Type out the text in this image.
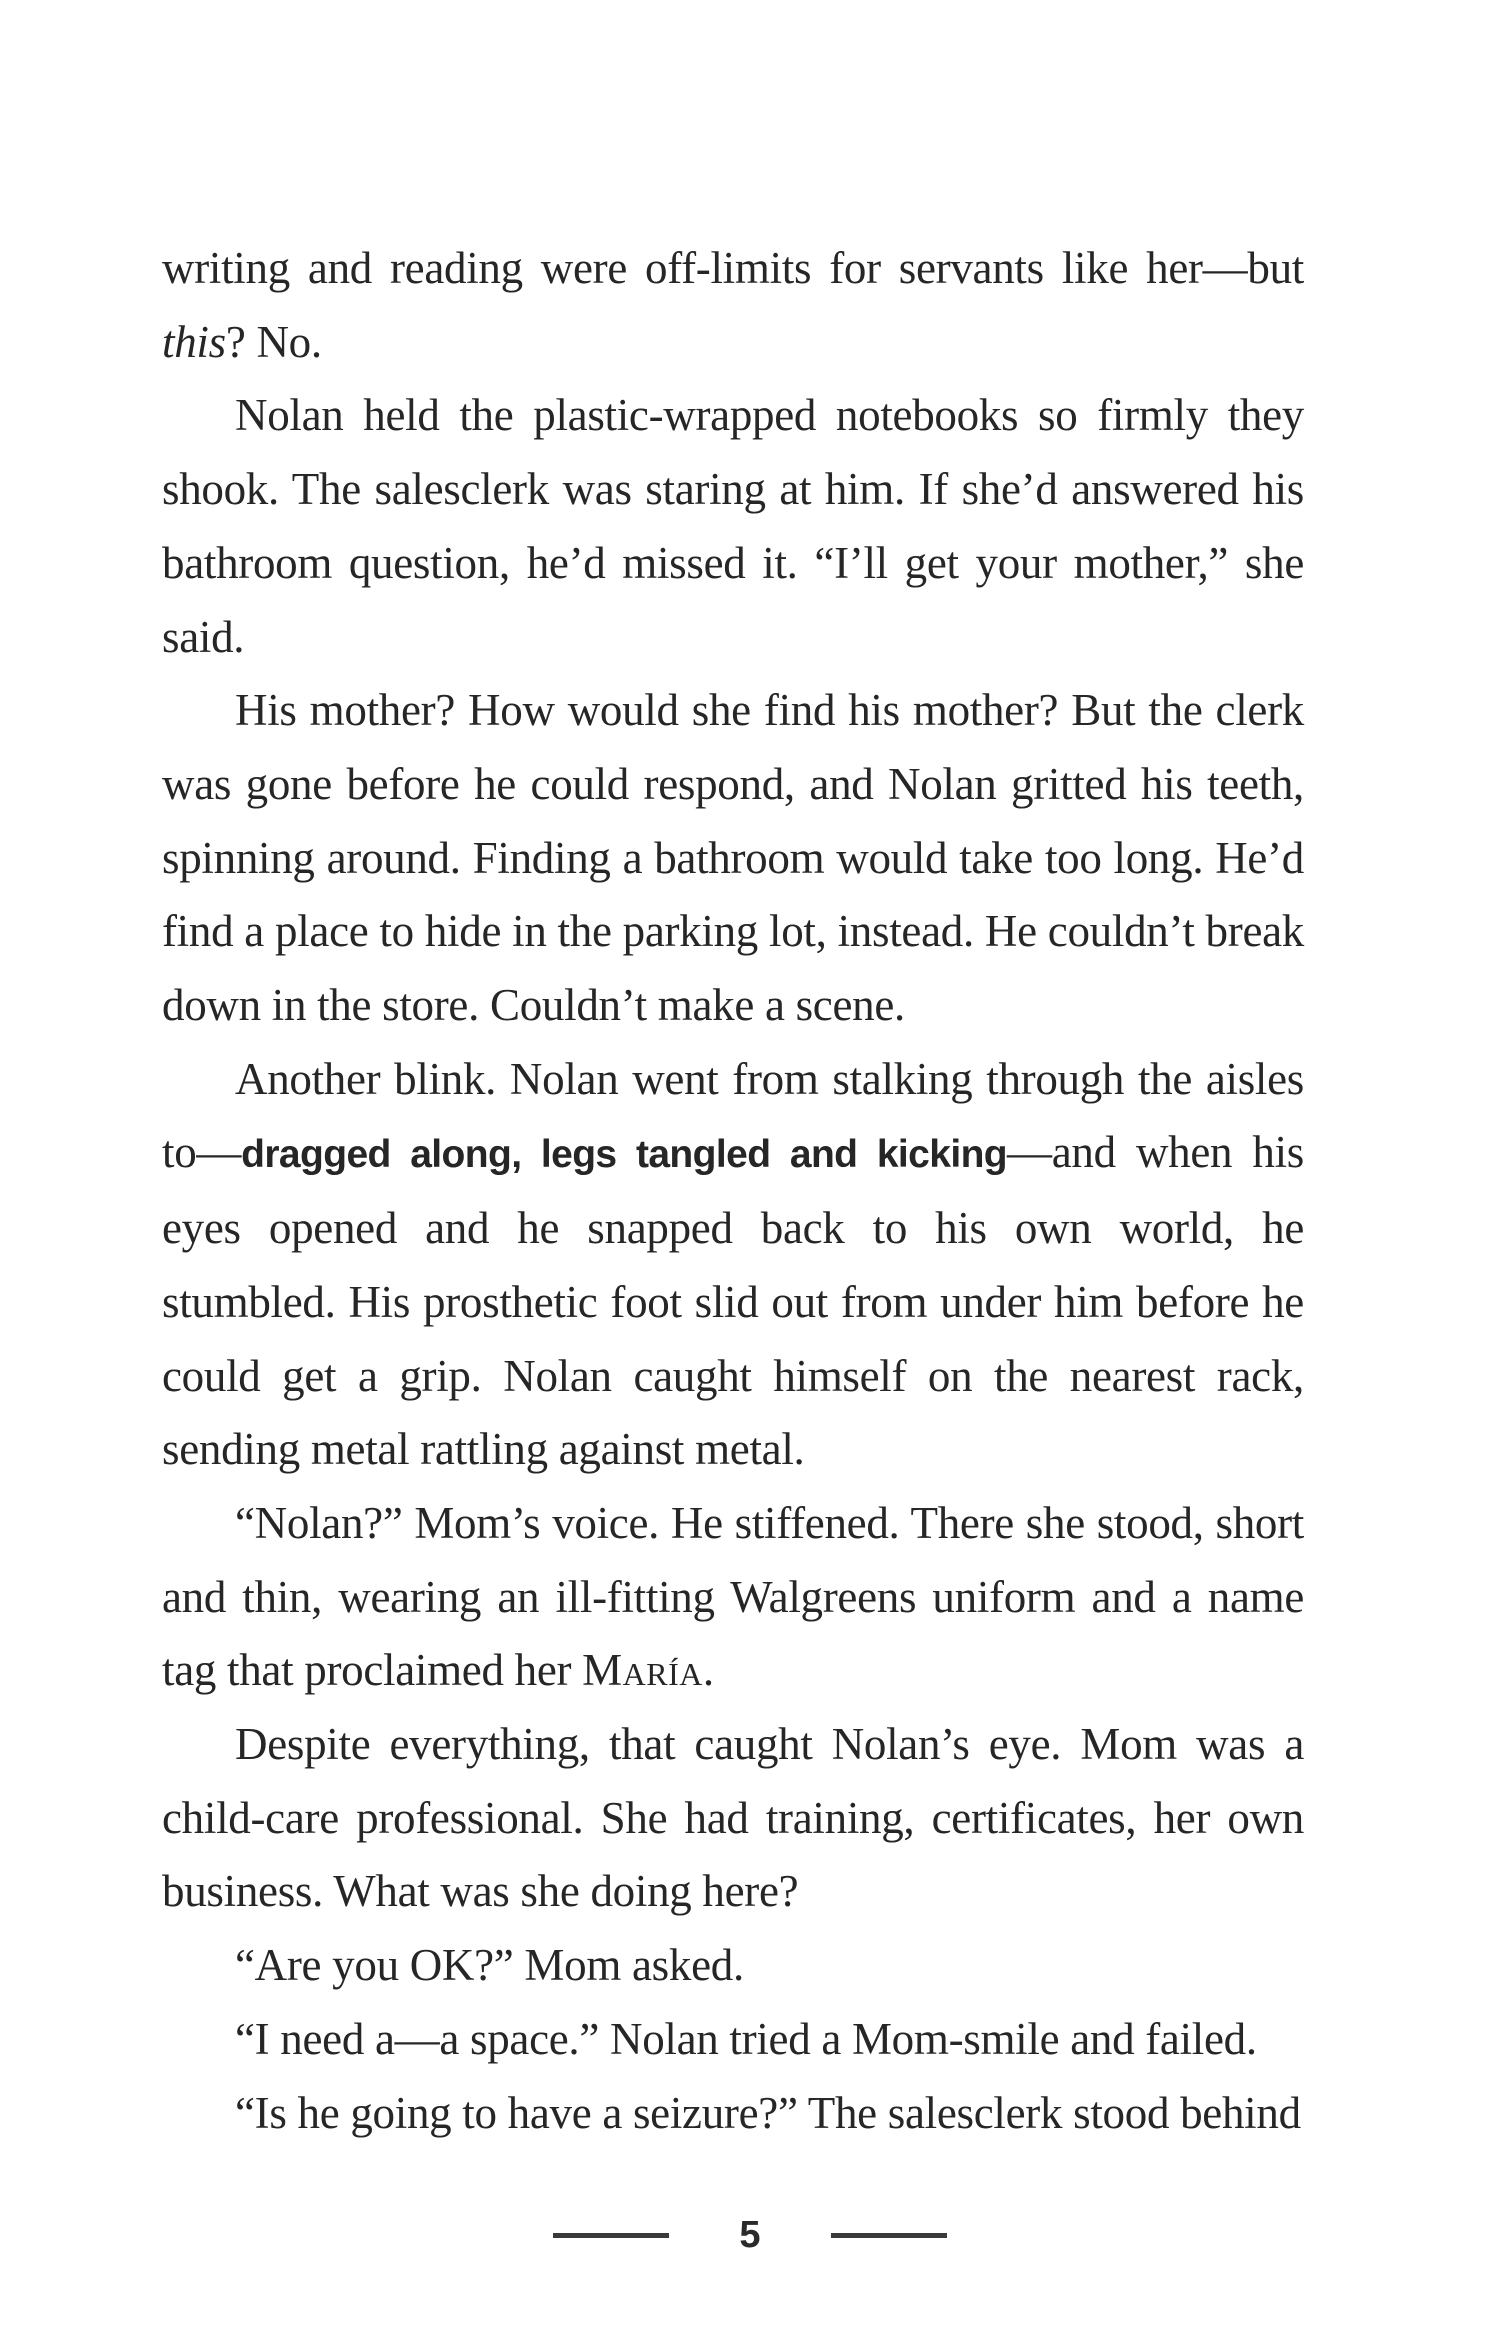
writing and reading were off-limits for servants like her—but this? No.

Nolan held the plastic-wrapped notebooks so firmly they shook. The salesclerk was staring at him. If she’d answered his bathroom question, he’d missed it. “I’ll get your mother,” she said.

His mother? How would she find his mother? But the clerk was gone before he could respond, and Nolan gritted his teeth, spinning around. Finding a bathroom would take too long. He’d find a place to hide in the parking lot, instead. He couldn’t break down in the store. Couldn’t make a scene.

Another blink. Nolan went from stalking through the aisles to—dragged along, legs tangled and kicking—and when his eyes opened and he snapped back to his own world, he stumbled. His prosthetic foot slid out from under him before he could get a grip. Nolan caught himself on the nearest rack, sending metal rattling against metal.

“Nolan?” Mom’s voice. He stiffened. There she stood, short and thin, wearing an ill-fitting Walgreens uniform and a name tag that proclaimed her María.

Despite everything, that caught Nolan’s eye. Mom was a child-care professional. She had training, certificates, her own business. What was she doing here?

“Are you OK?” Mom asked.

“I need a—a space.” Nolan tried a Mom-smile and failed.

“Is he going to have a seizure?” The salesclerk stood behind

5
